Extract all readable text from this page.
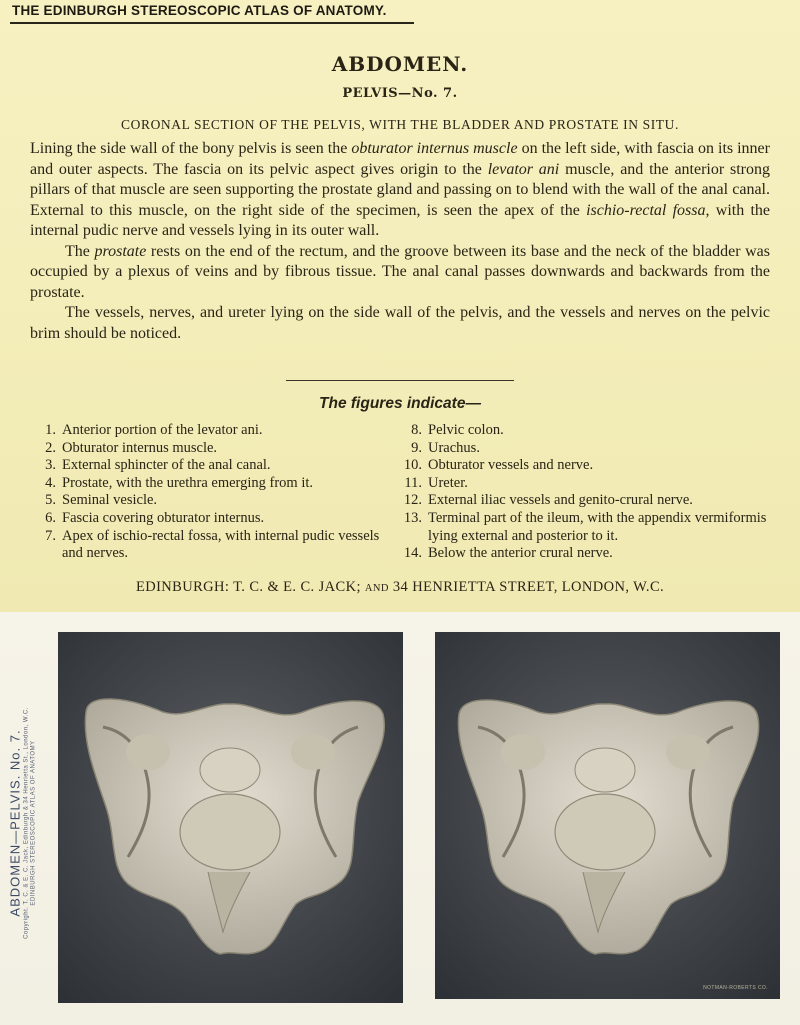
THE EDINBURGH STEREOSCOPIC ATLAS OF ANATOMY.
ABDOMEN.
PELVIS—No. 7.
CORONAL SECTION OF THE PELVIS, WITH THE BLADDER AND PROSTATE IN SITU.

Lining the side wall of the bony pelvis is seen the obturator internus muscle on the left side, with fascia on its inner and outer aspects. The fascia on its pelvic aspect gives origin to the levator ani muscle, and the anterior strong pillars of that muscle are seen supporting the prostate gland and passing on to blend with the wall of the anal canal. External to this muscle, on the right side of the specimen, is seen the apex of the ischio-rectal fossa, with the internal pudic nerve and vessels lying in its outer wall.

The prostate rests on the end of the rectum, and the groove between its base and the neck of the bladder was occupied by a plexus of veins and by fibrous tissue. The anal canal passes downwards and backwards from the prostate.

The vessels, nerves, and ureter lying on the side wall of the pelvis, and the vessels and nerves on the pelvic brim should be noticed.

The figures indicate—
1. Anterior portion of the levator ani.
2. Obturator internus muscle.
3. External sphincter of the anal canal.
4. Prostate, with the urethra emerging from it.
5. Seminal vesicle.
6. Fascia covering obturator internus.
7. Apex of ischio-rectal fossa, with internal pudic vessels and nerves.
8. Pelvic colon.
9. Urachus.
10. Obturator vessels and nerve.
11. Ureter.
12. External iliac vessels and genito-crural nerve.
13. Terminal part of the ileum, with the appendix vermiformis lying external and posterior to it.
14. Below the anterior crural nerve.
EDINBURGH: T. C. & E. C. JACK; AND 34 HENRIETTA STREET, LONDON, W.C.
ABDOMEN—PELVIS. No. 7. Copyright. T. C. & E. C. Jack, Edinburgh & 34 Henrietta St., London, W.C. EDINBURGH STEREOSCOPIC ATLAS OF ANATOMY
NOTMAN-ROBERTS CO.
